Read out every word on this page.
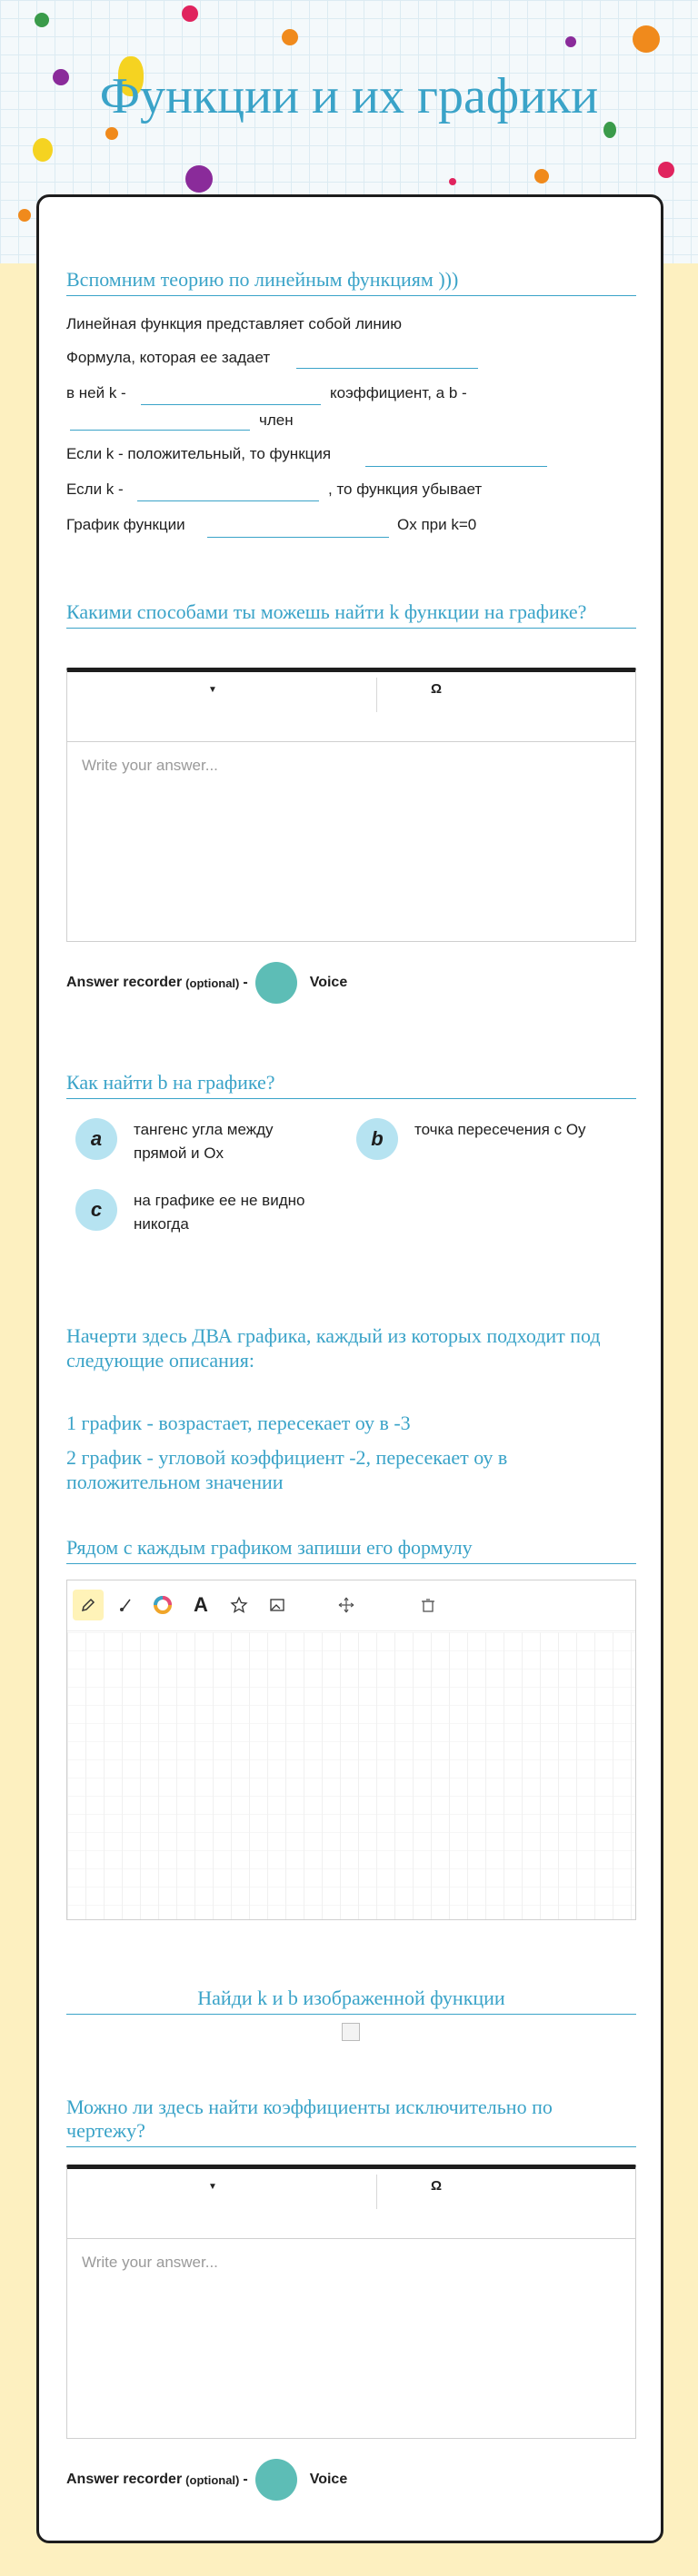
Функции и их графики
Вспомним теорию по линейным функциям )))
Линейная функция представляет собой линию
Формула, которая ее задает
в ней k -	коэффициент, а b -
член
Если k - положительный, то функция
Если k -	, то функция убывает
График функции	Ox при k=0
Какими способами ты можешь найти k функции на графике?
▼	Ω
Write your answer...
Answer recorder (optional) -	Voice
Как найти b на графике?
a	тангенс угла между прямой и Ox
b	точка пересечения с Оу
c	на графике ее не видно никогда
Начерти здесь ДВА графика, каждый из которых подходит под следующие описания:
1 график - возрастает, пересекает оу в -3
2 график - угловой коэффициент -2, пересекает оу в положительном значении
Рядом с каждым графиком запиши его формулу
A
Найди k и b изображенной функции
Можно ли здесь найти коэффициенты исключительно по чертежу?
▼	Ω
Write your answer...
Answer recorder (optional) -	Voice
